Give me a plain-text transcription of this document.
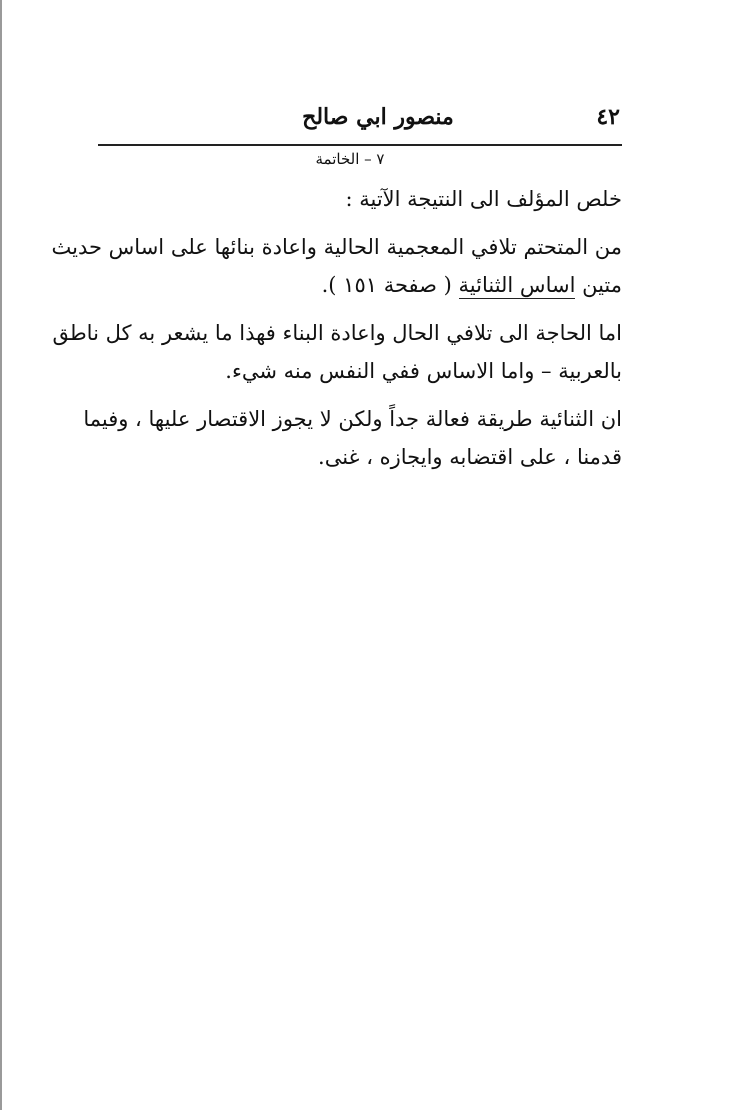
٤٢
منصور ابي صالح
٧ – الخاتمة

خلص المؤلف الى النتيجة الآتية :

من المتحتم تلافي المعجمية الحالية واعادة بنائها على اساس حديث
متين اساس الثنائية ( صفحة ١٥١ ).

اما الحاجة الى تلافي الحال واعادة البناء فهذا ما يشعر به كل ناطق
بالعربية – واما الاساس ففي النفس منه شيء.

ان الثنائية طريقة فعالة جداً ولكن لا يجوز الاقتصار عليها ، وفيما
قدمنا ، على اقتضابه وايجازه ، غنى.
